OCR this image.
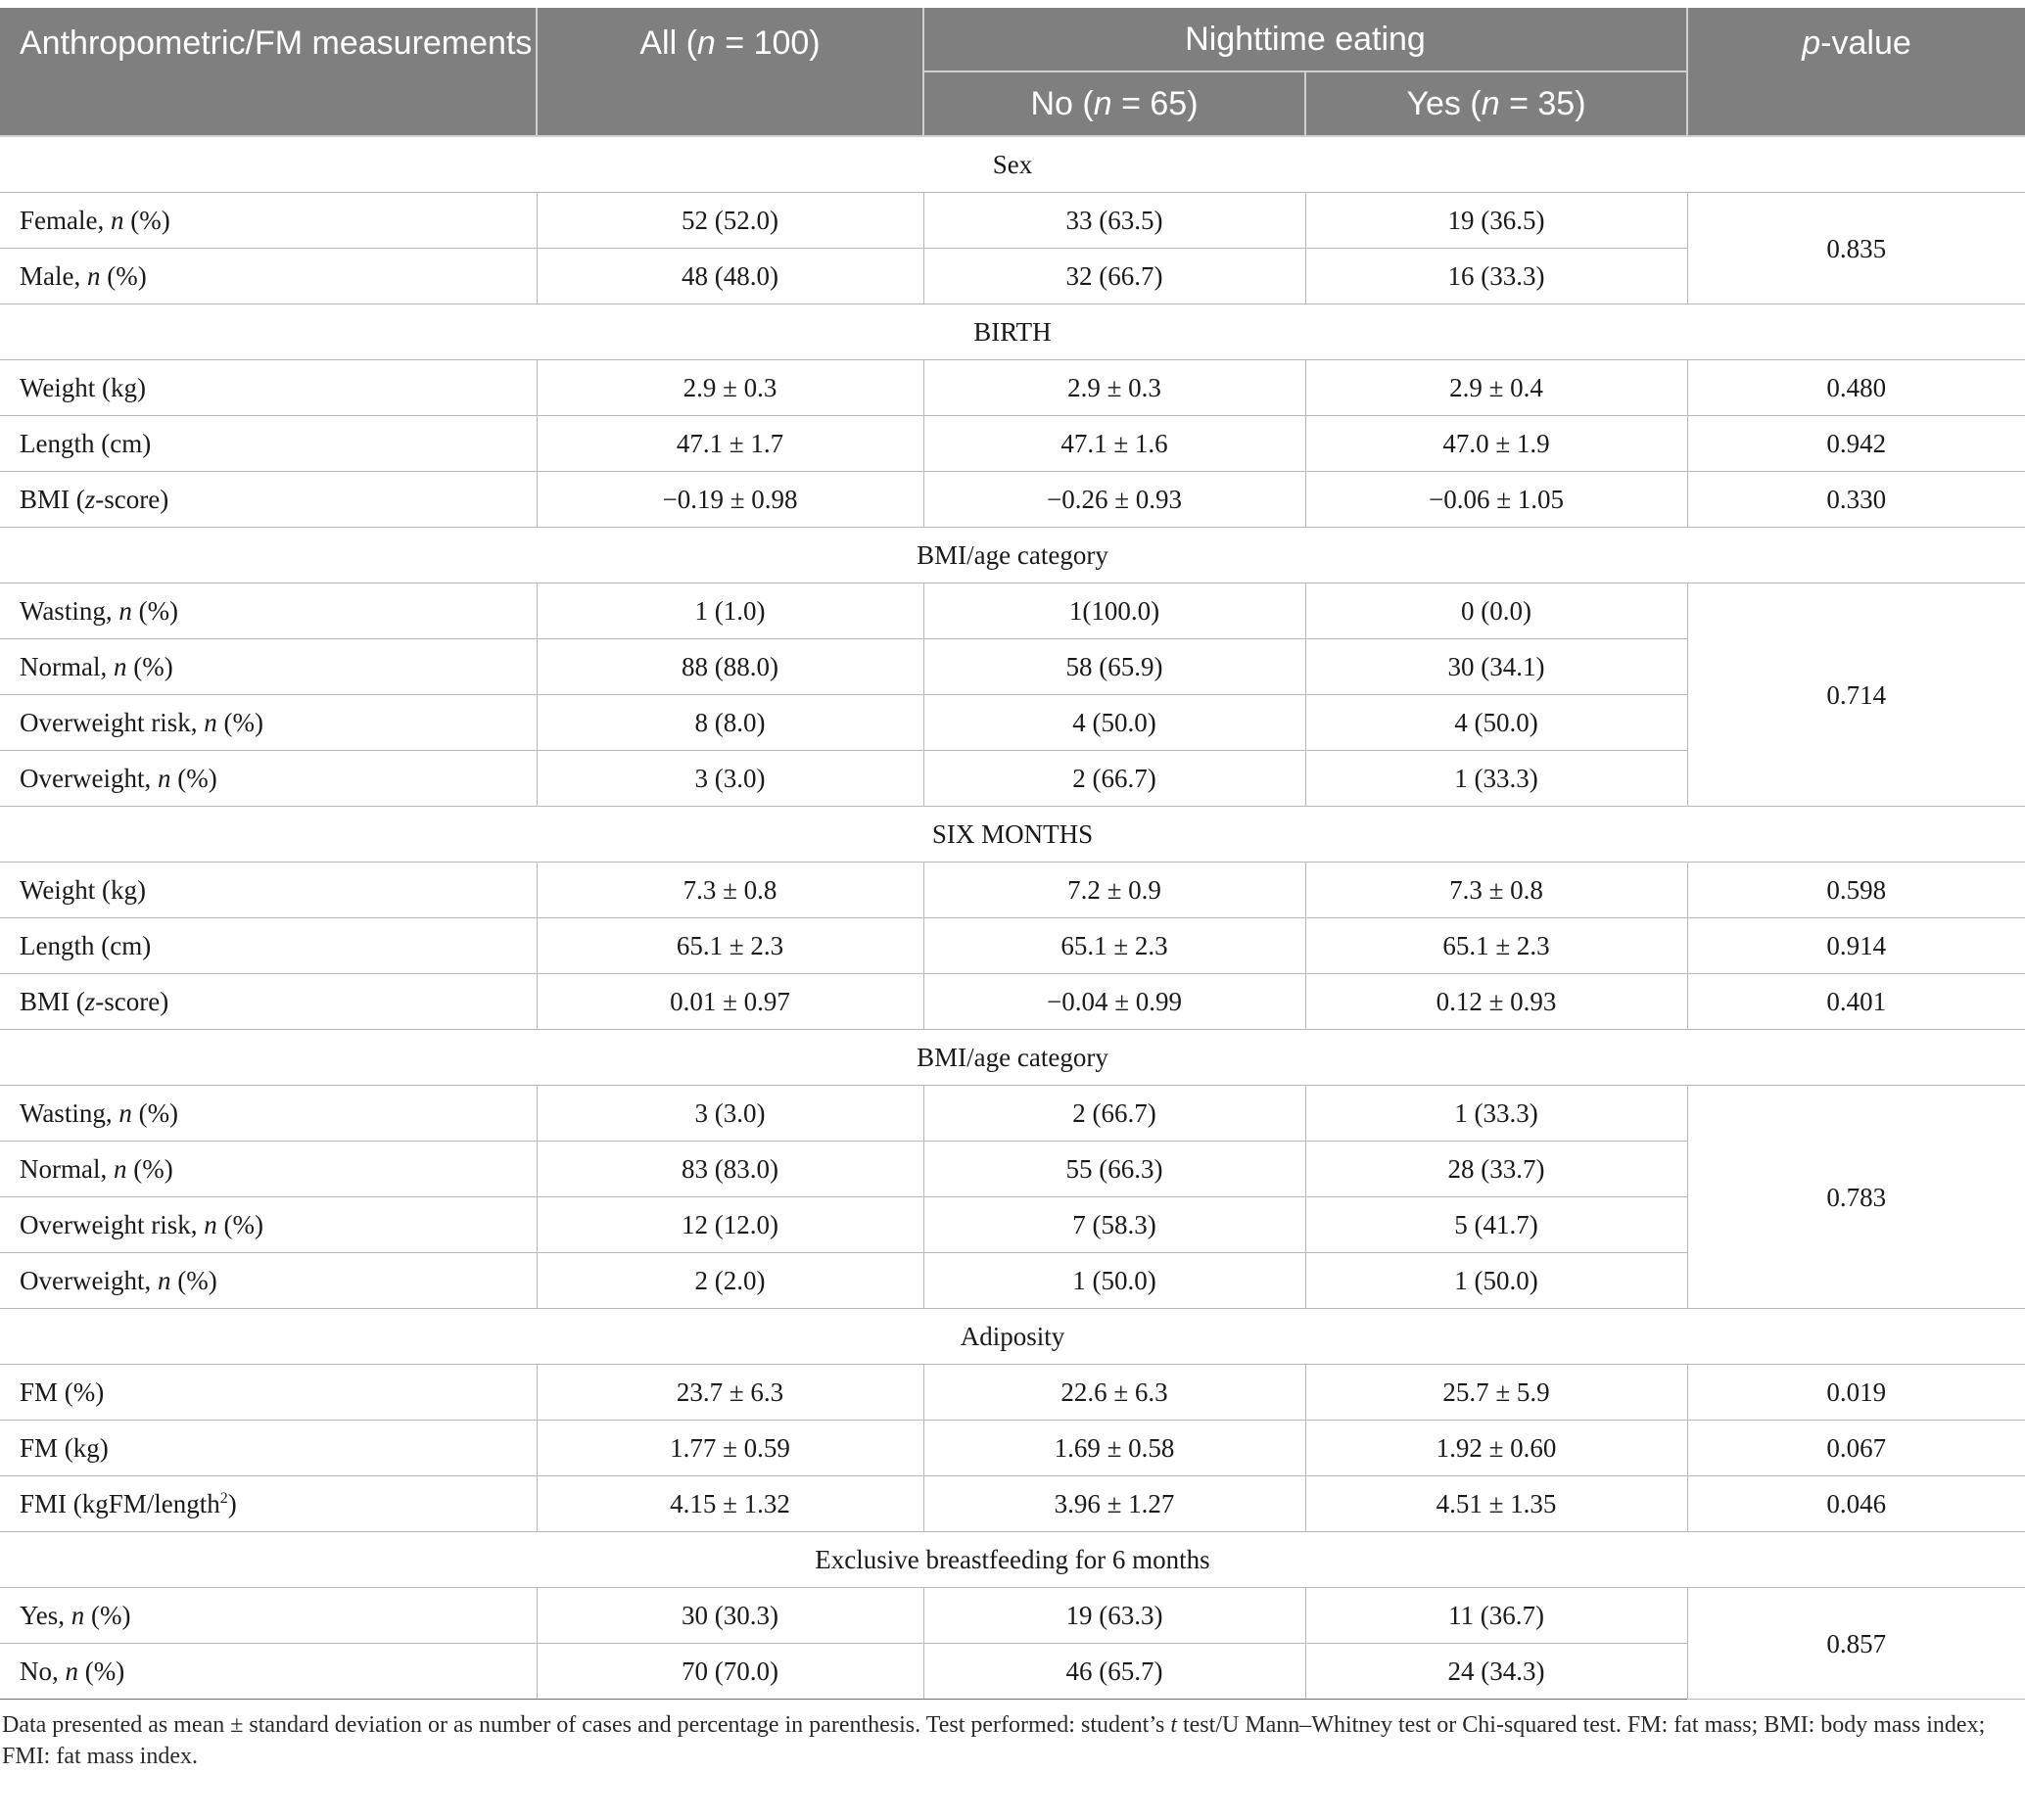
Anthropometric/FM measurements	All (n = 100)	Nighttime eating		p-value
		No (n = 65)	Yes (n = 35)	
Sex				
Female, n (%)	52 (52.0)	33 (63.5)	19 (36.5)	0.835
Male, n (%)	48 (48.0)	32 (66.7)	16 (33.3)	
BIRTH				
Weight (kg)	2.9 ± 0.3	2.9 ± 0.3	2.9 ± 0.4	0.480
Length (cm)	47.1 ± 1.7	47.1 ± 1.6	47.0 ± 1.9	0.942
BMI (z-score)	−0.19 ± 0.98	−0.26 ± 0.93	−0.06 ± 1.05	0.330
BMI/age category				
Wasting, n (%)	1 (1.0)	1(100.0)	0 (0.0)	0.714
Normal, n (%)	88 (88.0)	58 (65.9)	30 (34.1)	
Overweight risk, n (%)	8 (8.0)	4 (50.0)	4 (50.0)	
Overweight, n (%)	3 (3.0)	2 (66.7)	1 (33.3)	
SIX MONTHS				
Weight (kg)	7.3 ± 0.8	7.2 ± 0.9	7.3 ± 0.8	0.598
Length (cm)	65.1 ± 2.3	65.1 ± 2.3	65.1 ± 2.3	0.914
BMI (z-score)	0.01 ± 0.97	−0.04 ± 0.99	0.12 ± 0.93	0.401
BMI/age category				
Wasting, n (%)	3 (3.0)	2 (66.7)	1 (33.3)	0.783
Normal, n (%)	83 (83.0)	55 (66.3)	28 (33.7)	
Overweight risk, n (%)	12 (12.0)	7 (58.3)	5 (41.7)	
Overweight, n (%)	2 (2.0)	1 (50.0)	1 (50.0)	
Adiposity				
FM (%)	23.7 ± 6.3	22.6 ± 6.3	25.7 ± 5.9	0.019
FM (kg)	1.77 ± 0.59	1.69 ± 0.58	1.92 ± 0.60	0.067
FMI (kgFM/length$^2$)	4.15 ± 1.32	3.96 ± 1.27	4.51 ± 1.35	0.046
Exclusive breastfeeding for 6 months				
Yes, n (%)	30 (30.3)	19 (63.3)	11 (36.7)	0.857
No, n (%)	70 (70.0)	46 (65.7)	24 (34.3)	
Data presented as mean ± standard deviation or as number of cases and percentage in parenthesis. Test performed: student’s t test/U Mann–Whitney test or Chi-squared test. FM: fat mass; BMI: body mass index; FMI: fat mass index.
